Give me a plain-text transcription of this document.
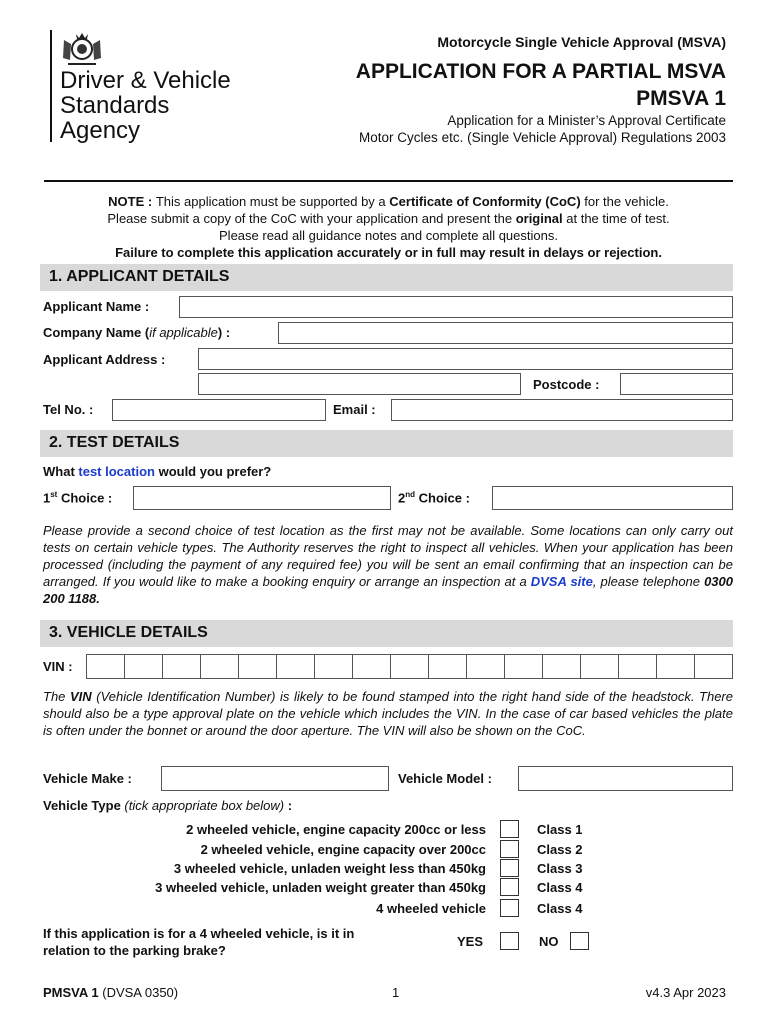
Driver & Vehicle
Standards
Agency
Motorcycle Single Vehicle Approval (MSVA)
APPLICATION FOR A PARTIAL MSVA
PMSVA 1
Application for a Minister’s Approval Certificate
Motor Cycles etc. (Single Vehicle Approval) Regulations 2003
NOTE : This application must be supported by a Certificate of Conformity (CoC) for the vehicle.
Please submit a copy of the CoC with your application and present the original at the time of test.
Please read all guidance notes and complete all questions.
Failure to complete this application accurately or in full may result in delays or rejection.
1. APPLICANT DETAILS
Applicant Name :
Company Name (if applicable) :
Applicant Address :
Postcode :
Tel No. :	Email :
2. TEST DETAILS
What test location would you prefer?
1st Choice :	2nd Choice :
Please provide a second choice of test location as the first may not be available. Some locations can only carry out tests on certain vehicle types. The Authority reserves the right to inspect all vehicles. When your application has been processed (including the payment of any required fee) you will be sent an email confirming that an inspection can be arranged. If you would like to make a booking enquiry or arrange an inspection at a DVSA site, please telephone 0300 200 1188.
3. VEHICLE DETAILS
VIN :
The VIN (Vehicle Identification Number) is likely to be found stamped into the right hand side of the headstock. There should also be a type approval plate on the vehicle which includes the VIN. In the case of car based vehicles the plate is often under the bonnet or around the door aperture. The VIN will also be shown on the CoC.
Vehicle Make :	Vehicle Model :
Vehicle Type (tick appropriate box below) :
2 wheeled vehicle, engine capacity 200cc or less	Class 1
2 wheeled vehicle, engine capacity over 200cc	Class 2
3 wheeled vehicle, unladen weight less than 450kg	Class 3
3 wheeled vehicle, unladen weight greater than 450kg	Class 4
4 wheeled vehicle	Class 4
If this application is for a 4 wheeled vehicle, is it in
relation to the parking brake?
YES	NO
PMSVA 1 (DVSA 0350)	1	v4.3 Apr 2023
